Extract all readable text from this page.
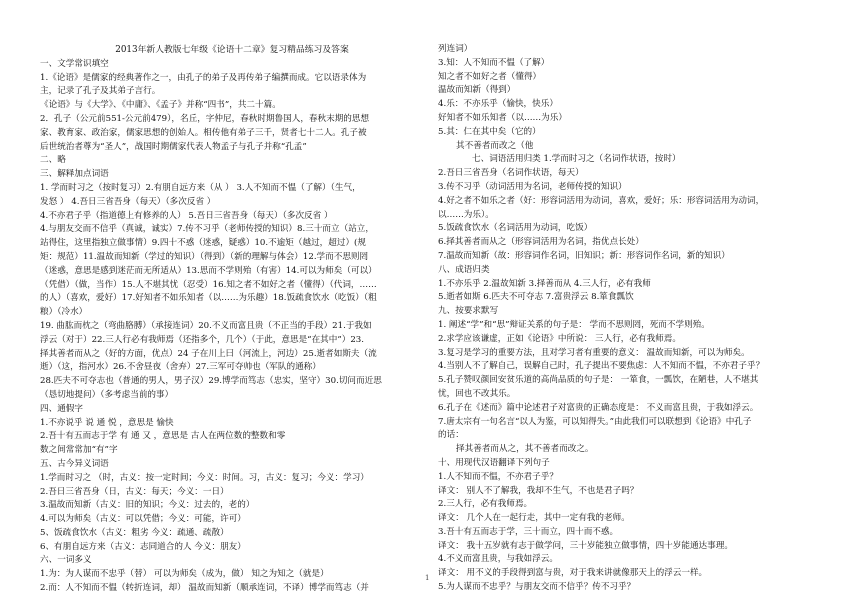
2013年新人教版七年级《论语十二章》复习精品练习及答案
一、文学常识填空
1.《论语》是儒家的经典著作之一，由孔子的弟子及再传弟子编撰而成。它以语录体为
主，记录了孔子及其弟子言行。
《论语》与《大学》、《中庸》、《孟子》并称“四书”，共二十篇。
2．孔子（公元前551-公元前479），名丘，字仲尼，春秋时期鲁国人，春秋末期的思想
家、教育家、政治家，儒家思想的创始人。相传他有弟子三千，贤者七十二人。孔子被
后世统治者尊为“圣人”，战国时期儒家代表人物孟子与孔子并称“孔孟”
二、略
三、解释加点词语
1. 学而时习之（按时复习）2.有朋自远方来（从 ） 3.人不知而不愠（了解）（生气，
发怒 ） 4.吾日三省吾身（每天）（多次反省 ）
4.不亦君子乎（指道德上有修养的人） 5.吾日三省吾身（每天）（多次反省 ）
4.与朋友交而不信乎（真诚，诚实）7.传不习乎（老师传授的知识）8.三十而立（站立，
站得住，这里指独立做事情）9.四十不惑（迷惑，疑惑）10.不逾矩（越过，超过）(规
矩：规范）11.温故而知新（学过的知识）（得到）（新的理解与体会）12.学而不思则罔
（迷惑，意思是感到迷茫而无所适从）13.思而不学则殆（有害）14.可以为师矣（可以）
（凭借）（做，当作）15.人不堪其忧（忍受）16.知之者不如好之者（懂得）（代词，……
的人）（喜欢，爱好）17.好知者不如乐知者（以……为乐趣）18.饭疏食饮水（吃饭）（粗
粮）（冷水）
19. 曲肱而枕之（弯曲胳膊）（承接连词）20.不义而富且贵（不正当的手段）21.于我如
浮云（对于）22.三人行必有我师焉（还指多个，几个）（于此，意思是“在其中”）23.
择其善者而从之（好的方面，优点）24 子在川上曰（河流上，河边）25.逝者如斯夫（流
逝）（这，指河水）26.不舍昼夜（舍弃）27.三军可夺帅也（军队的通称）
28.匹夫不可夺志也（普通的男人，男子汉）29.博学而笃志（忠实，坚守）30.切问而近思
（恳切地提问）（多考虑当前的事）
四、通假字
1.不亦说乎 说 通 悦 ，意思是 愉快
2.吾十有五而志于学 有 通 又 ，意思是 古人在两位数的整数和零
数之间常常加“有”字
五、古今异义词语
1.学而时习之 （时，古义：按一定时间；今义：时间。习，古义：复习；今义：学习）
2.吾日三省吾身（日，古义：每天；今义：一日）
3.温故而知新（古义：旧的知识；今义：过去的，老的）
4.可以为师矣（古义：可以凭借；今义：可能，许可）
5、饭疏食饮水（古义：粗劣 今义：疏通、疏散）
6、有朋自远方来（古义：志同道合的人 今义：朋友）
六、一词多义
1.为：为人谋而不忠乎（替） 可以为师矣（成为，做） 知之为知之（就是）
2.而：人不知而不愠（转折连词，却） 温故而知新（顺承连词，不译）博学而笃志（并
列连词）
3.知：人不知而不愠（了解）
知之者不如好之者（懂得）
温故而知新（得到）
4.乐：不亦乐乎（愉快，快乐）
好知者不如乐知者（以……为乐）
5.其：仁在其中矣（它的）
其不善者而改之（他
七、词语活用归类 1.学而时习之（名词作状语，按时）
2.吾日三省吾身（名词作状语，每天）
3.传不习乎（动词活用为名词，老师传授的知识）
4.好之者不如乐之者（好：形容词活用为动词，喜欢，爱好；乐：形容词活用为动词，
以……为乐）。
5.饭疏食饮水（名词活用为动词，吃饭）
6.择其善者而从之（形容词活用为名词，指优点长处）
7.温故而知新（故：形容词作名词，旧知识；新：形容词作名词，新的知识）
八、成语归类
1.不亦乐乎 2.温故知新 3.择善而从 4.三人行，必有我师
5.逝者如斯 6.匹夫不可夺志 7.富贵浮云 8.箪食瓢饮
九、按要求默写
1. 阐述“学”和“思”辩证关系的句子是： 学而不思则罔，死而不学则殆。
2.求学应该谦虚，正如《论语》中所说： 三人行，必有我师焉。
3.复习是学习的重要方法，且对学习者有重要的意义： 温故而知新，可以为师矣。
4.当别人不了解自己，误解自己时，孔子提出不要焦虑：人不知而不愠，不亦君子乎？
5.孔子赞叹颜回安贫乐道的高尚品质的句子是： 一箪食，一瓢饮，在陋巷，人不堪其
忧，回也不改其乐。
6.孔子在《述而》篇中论述君子对富贵的正确态度是： 不义而富且贵，于我如浮云。
7.唐太宗有一句名言“以人为鉴，可以知得失。”由此我们可以联想到《论语》中孔子
的话：
择其善者而从之，其不善者而改之。
十、用现代汉语翻译下列句子
1.人不知而不愠，不亦君子乎？
译文： 别人不了解我，我却不生气，不也是君子吗？
2.三人行，必有我师焉。
译文： 几个人在一起行走，其中一定有我的老师。
3.吾十有五而志于学，三十而立，四十而不惑。
译文： 我十五岁就有志于做学问，三十岁能独立做事情，四十岁能通达事理。
4.不义而富且贵，与我如浮云。
译文： 用不义的手段得到富与贵，对于我来讲就像那天上的浮云一样。
5.为人谋而不忠乎？与朋友交而不信乎？传不习乎？
1
